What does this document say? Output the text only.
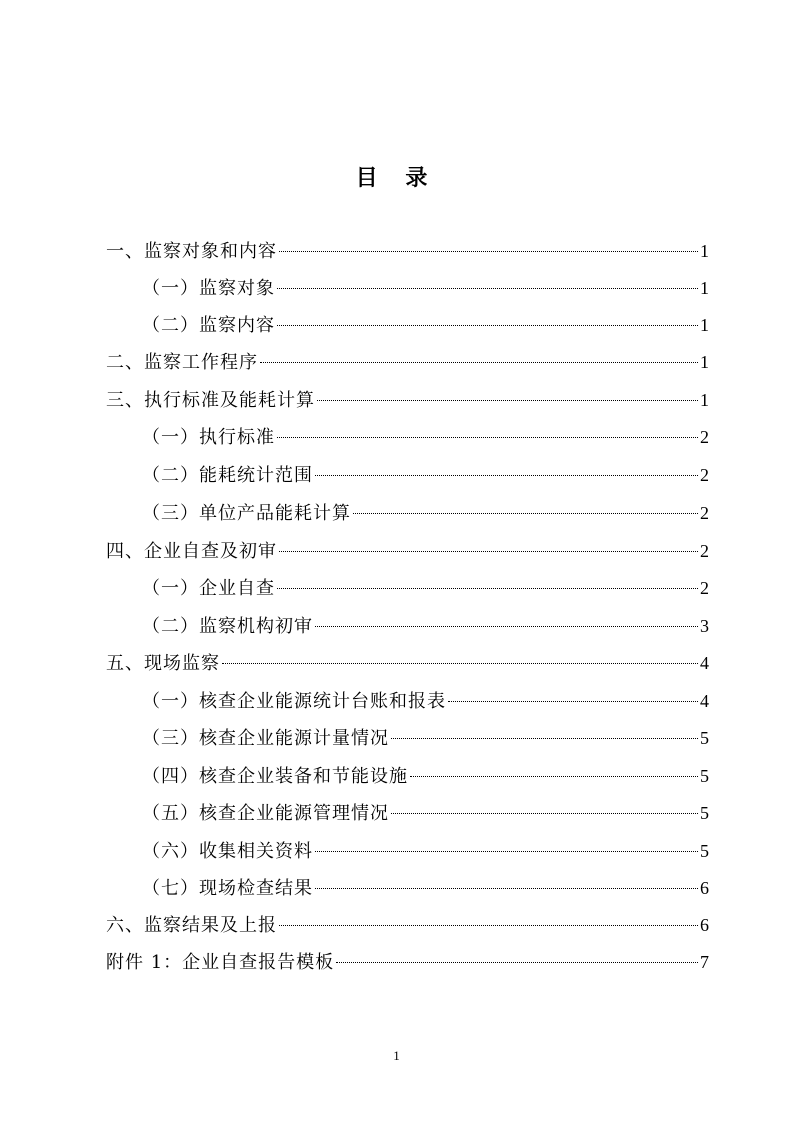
目 录
一、监察对象和内容	1
（一）监察对象	1
（二）监察内容	1
二、监察工作程序	1
三、执行标准及能耗计算	1
（一）执行标准	2
（二）能耗统计范围	2
（三）单位产品能耗计算	2
四、企业自查及初审	2
（一）企业自查	2
（二）监察机构初审	3
五、现场监察	4
（一）核查企业能源统计台账和报表	4
（三）核查企业能源计量情况	5
（四）核查企业装备和节能设施	5
（五）核查企业能源管理情况	5
（六）收集相关资料	5
（七）现场检查结果	6
六、监察结果及上报	6
附件 1：企业自查报告模板	7
1
